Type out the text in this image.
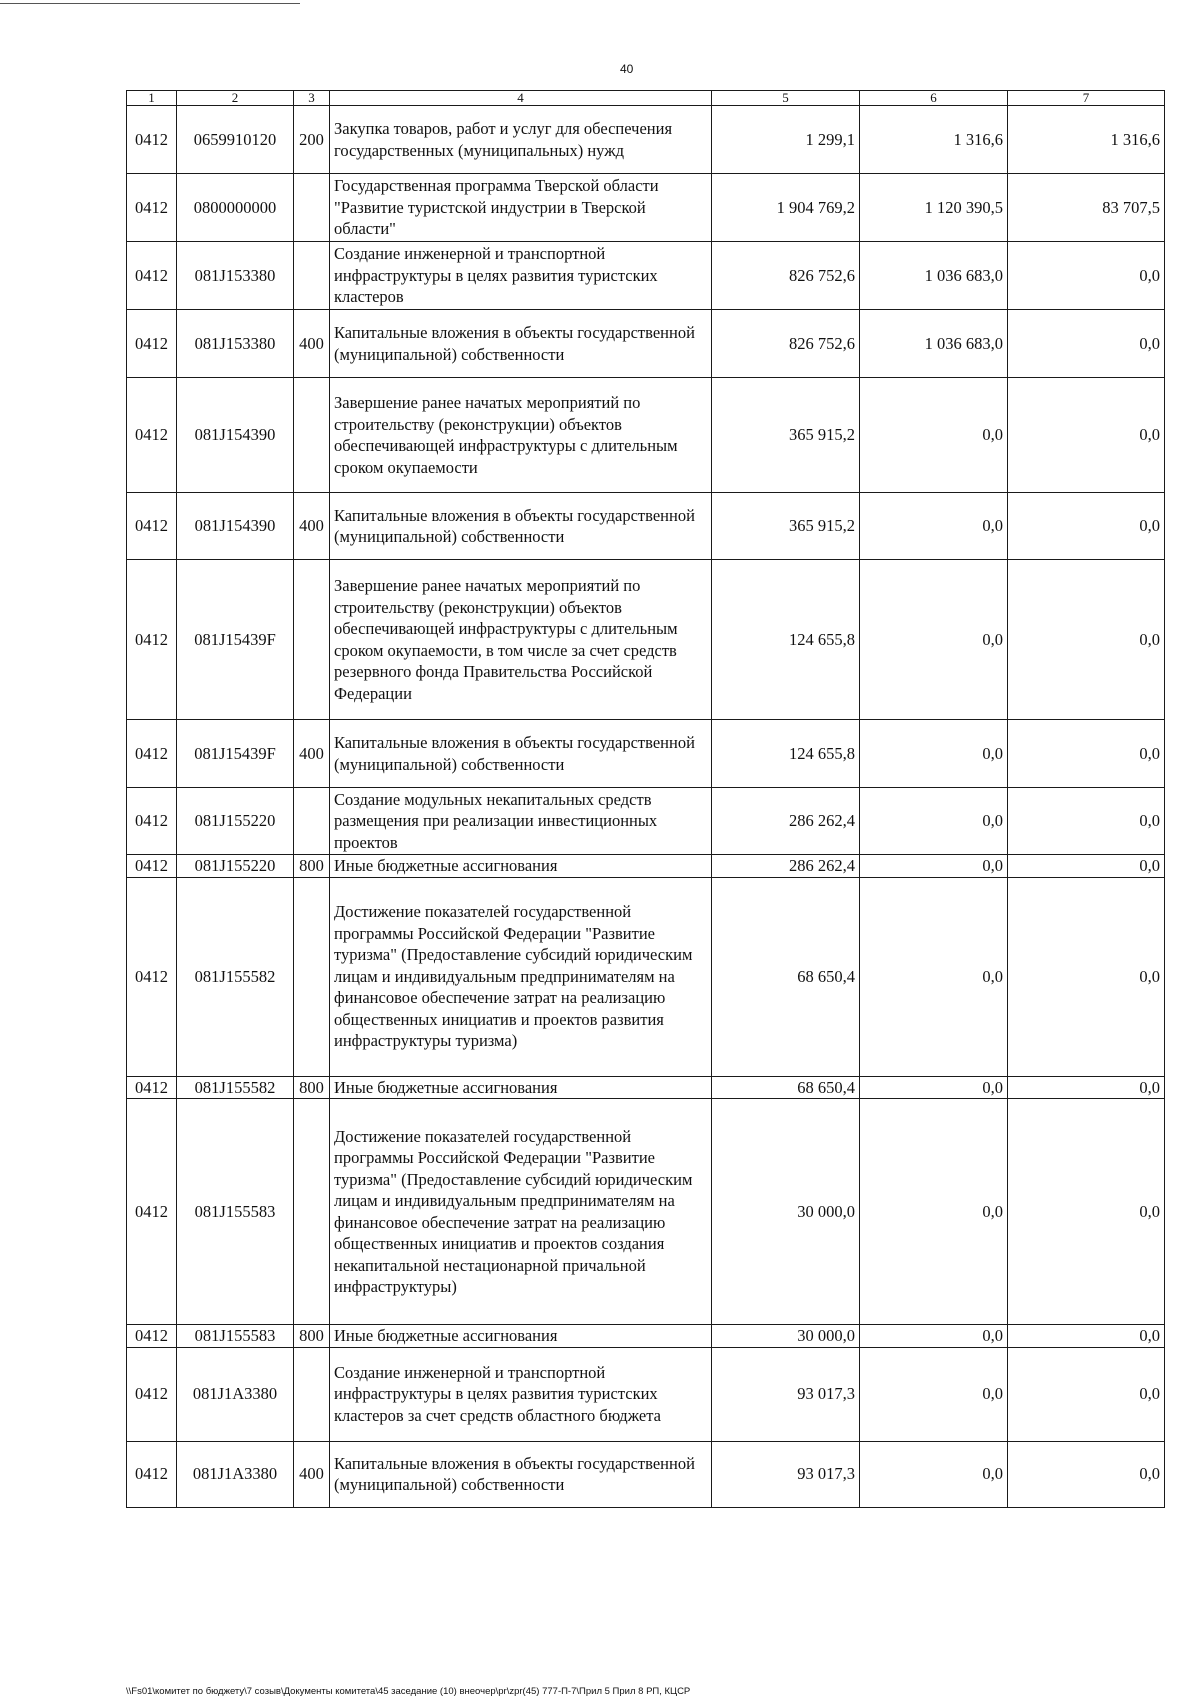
40
1	2	3	4	5	6	7
0412	0659910120	200	Закупка товаров, работ и услуг для обеспечения государственных (муниципальных) нужд	1 299,1	1 316,6	1 316,6
0412	0800000000		Государственная программа Тверской области "Развитие туристской индустрии в Тверской области"	1 904 769,2	1 120 390,5	83 707,5
0412	081J153380		Создание инженерной и транспортной инфраструктуры в целях развития туристских кластеров	826 752,6	1 036 683,0	0,0
0412	081J153380	400	Капитальные вложения в объекты государственной (муниципальной) собственности	826 752,6	1 036 683,0	0,0
0412	081J154390		Завершение ранее начатых мероприятий по строительству (реконструкции) объектов обеспечивающей инфраструктуры с длительным сроком окупаемости	365 915,2	0,0	0,0
0412	081J154390	400	Капитальные вложения в объекты государственной (муниципальной) собственности	365 915,2	0,0	0,0
0412	081J15439F		Завершение ранее начатых мероприятий по строительству (реконструкции) объектов обеспечивающей инфраструктуры с длительным сроком окупаемости, в том числе за счет средств резервного фонда Правительства Российской Федерации	124 655,8	0,0	0,0
0412	081J15439F	400	Капитальные вложения в объекты государственной (муниципальной) собственности	124 655,8	0,0	0,0
0412	081J155220		Создание модульных некапитальных средств размещения при реализации инвестиционных проектов	286 262,4	0,0	0,0
0412	081J155220	800	Иные бюджетные ассигнования	286 262,4	0,0	0,0
0412	081J155582		Достижение показателей государственной программы Российской Федерации "Развитие туризма" (Предоставление субсидий юридическим лицам и индивидуальным предпринимателям на финансовое обеспечение затрат на реализацию общественных инициатив и проектов развития инфраструктуры туризма)	68 650,4	0,0	0,0
0412	081J155582	800	Иные бюджетные ассигнования	68 650,4	0,0	0,0
0412	081J155583		Достижение показателей государственной программы Российской Федерации "Развитие туризма" (Предоставление субсидий юридическим лицам и индивидуальным предпринимателям на финансовое обеспечение затрат на реализацию общественных инициатив и проектов создания некапитальной нестационарной причальной инфраструктуры)	30 000,0	0,0	0,0
0412	081J155583	800	Иные бюджетные ассигнования	30 000,0	0,0	0,0
0412	081J1A3380		Создание инженерной и транспортной инфраструктуры в целях развития туристских кластеров за счет средств областного бюджета	93 017,3	0,0	0,0
0412	081J1A3380	400	Капитальные вложения в объекты государственной (муниципальной) собственности	93 017,3	0,0	0,0
\\Fs01\комитет по бюджету\7 созыв\Документы комитета\45 заседание (10) внеочер\pr\zpr(45) 777-П-7\Прил 5 Прил 8 РП, КЦСР
